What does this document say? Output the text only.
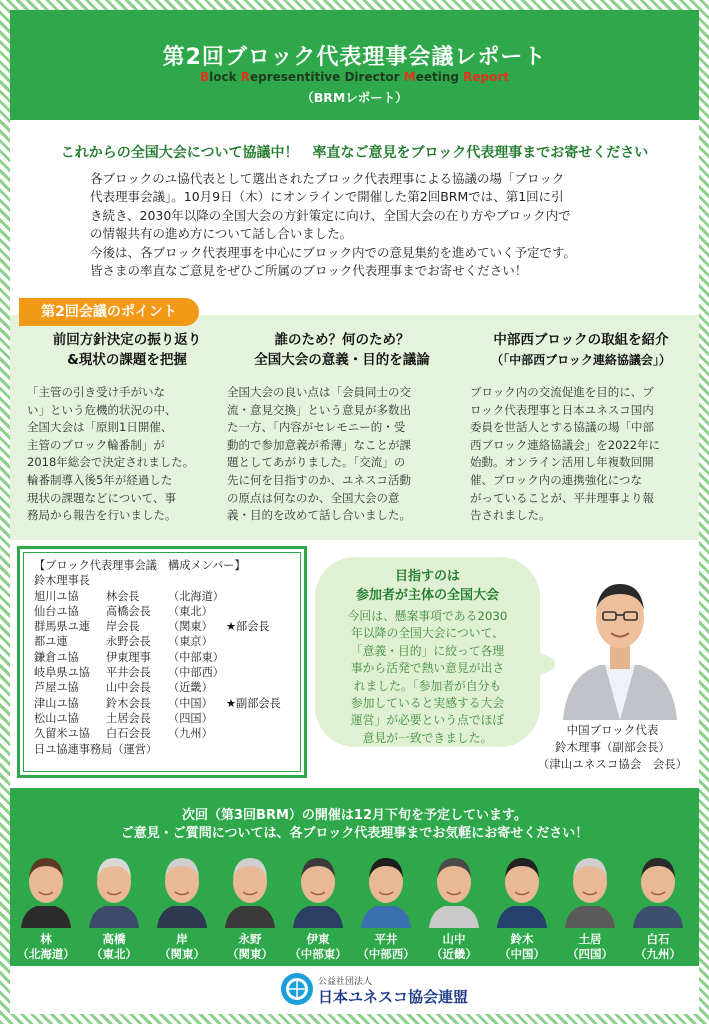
第2回ブロック代表理事会議レポート
Block Representitive Director Meeting Report
（BRMレポート）
これからの全国大会について協議中！　率直なご意見をブロック代表理事までお寄せください

各ブロックのユ協代表として選出されたブロック代表理事による協議の場「ブロック

代表理事会議」。10月9日（木）にオンラインで開催した第2回BRMでは、第1回に引

き続き、2030年以降の全国大会の方針策定に向け、全国大会の在り方やブロック内で

の情報共有の進め方について話し合いました。

今後は、各ブロック代表理事を中心にブロック内での意見集約を進めていく予定です。

皆さまの率直なご意見をぜひご所属のブロック代表理事までお寄せください！

第2回会議のポイント
前回方針決定の振り返り
&現状の課題を把握

「主管の引き受け手がいな

い」という危機的状況の中、

全国大会は「原則1日開催、

主管のブロック輪番制」が

2018年総会で決定されました。

輪番制導入後5年が経過した

現状の課題などについて、事

務局から報告を行いました。

誰のため？何のため？
全国大会の意義・目的を議論

全国大会の良い点は「会員同士の交

流・意見交換」という意見が多数出

た一方、「内容がセレモニー的・受

動的で参加意義が希薄」なことが課

題としてあがりました。「交流」の

先に何を目指すのか、ユネスコ活動

の原点は何なのか、全国大会の意

義・目的を改めて話し合いました。

中部西ブロックの取組を紹介
（「中部西ブロック連絡協議会」）

ブロック内の交流促進を目的に、ブ

ロック代表理事と日本ユネスコ国内

委員を世話人とする協議の場「中部

西ブロック連絡協議会」を2022年に

始動。オンライン活用し年複数回開

催、ブロック内の連携強化につな

がっていることが、平井理事より報

告されました。

【ブロック代表理事会議　構成メンバー】
鈴木理事長
旭川ユ協	林会長	（北海道）
仙台ユ協	高橋会長	（東北）
群馬県ユ連	岸会長	（関東）	★部会長
都ユ連	永野会長	（東京）
鎌倉ユ協	伊東理事	（中部東）
岐阜県ユ協	平井会長	（中部西）
芦屋ユ協	山中会長	（近畿）
津山ユ協	鈴木会長	（中国）	★副部会長
松山ユ協	土居会長	（四国）
久留米ユ協	白石会長	（九州）
日ユ協連事務局（運営）
目指すのは
参加者が主体の全国大会
今回は、懸案事項である2030
年以降の全国大会について、
「意義・目的」に絞って各理
事から活発で熱い意見が出さ
れました。「参加者が自分も
参加していると実感する大会
運営」が必要という点でほぼ
意見が一致できました。
中国ブロック代表
鈴木理事（副部会長）
（津山ユネスコ協会　会長）
次回（第3回BRM）の開催は12月下旬を予定しています。
ご意見・ご質問については、各ブロック代表理事までお気軽にお寄せください！
林
（北海道）
高橋
（東北）
岸
（関東）
永野
（関東）
伊東
（中部東）
平井
（中部西）
山中
（近畿）
鈴木
（中国）
土居
（四国）
白石
（九州）
公益社団法人
日本ユネスコ協会連盟
